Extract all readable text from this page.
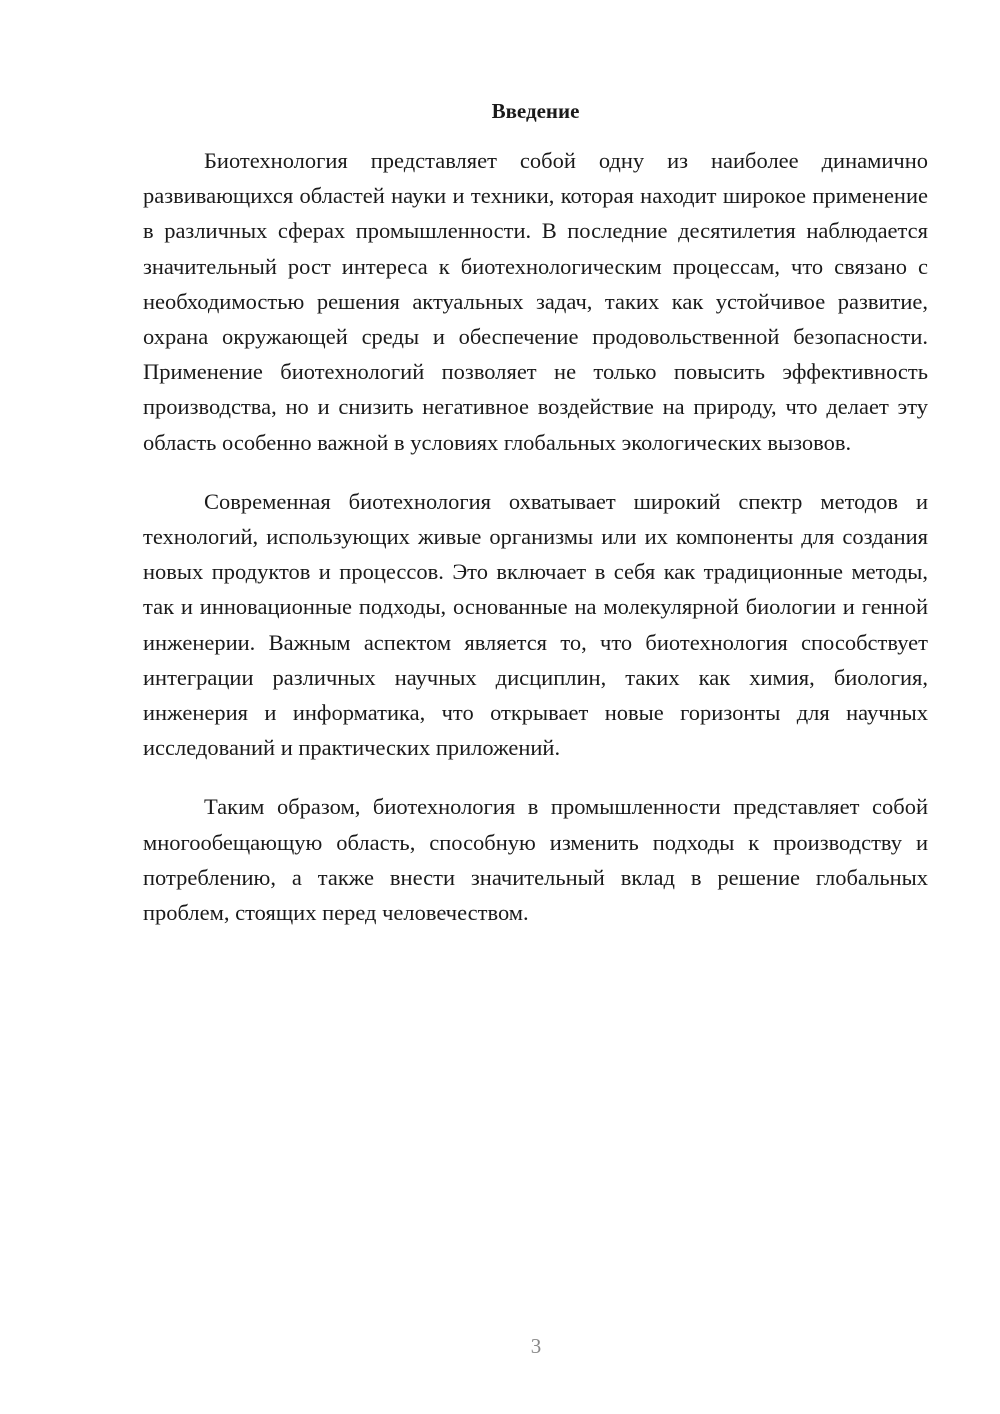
Введение

Биотехнология представляет собой одну из наиболее динамично развивающихся областей науки и техники, которая находит широкое применение в различных сферах промышленности. В последние десятилетия наблюдается значительный рост интереса к биотехнологическим процессам, что связано с необходимостью решения актуальных задач, таких как устойчивое развитие, охрана окружающей среды и обеспечение продовольственной безопасности. Применение биотехнологий позволяет не только повысить эффективность производства, но и снизить негативное воздействие на природу, что делает эту область особенно важной в условиях глобальных экологических вызовов.

Современная биотехнология охватывает широкий спектр методов и технологий, использующих живые организмы или их компоненты для создания новых продуктов и процессов. Это включает в себя как традиционные методы, так и инновационные подходы, основанные на молекулярной биологии и генной инженерии. Важным аспектом является то, что биотехнология способствует интеграции различных научных дисциплин, таких как химия, биология, инженерия и информатика, что открывает новые горизонты для научных исследований и практических приложений.

Таким образом, биотехнология в промышленности представляет собой многообещающую область, способную изменить подходы к производству и потреблению, а также внести значительный вклад в решение глобальных проблем, стоящих перед человечеством.

3
